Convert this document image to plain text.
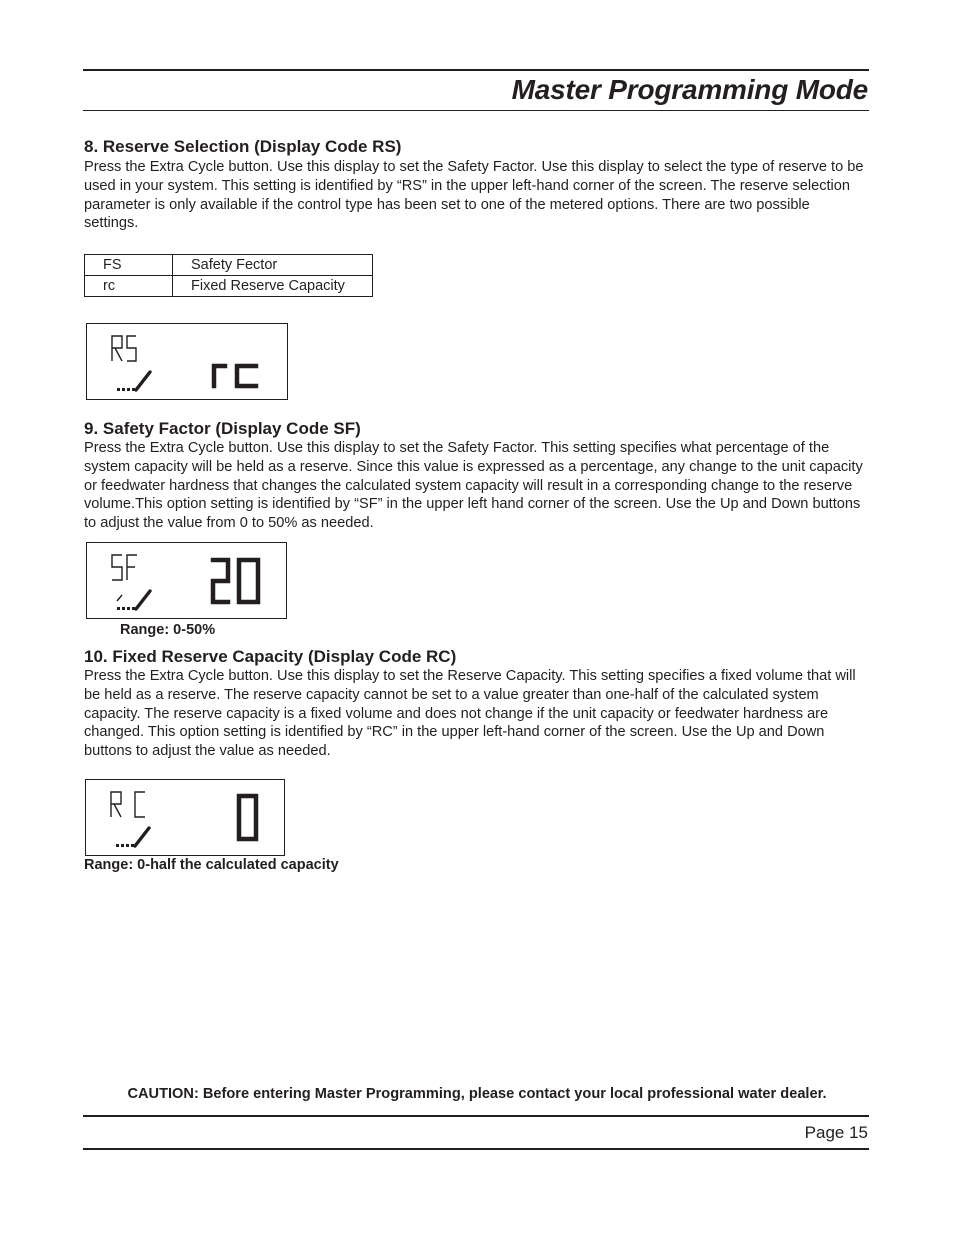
Master Programming Mode
8. Reserve Selection (Display Code RS)

Press the Extra Cycle button. Use this display to set the Safety Factor. Use this display to select the type of reserve to be used in your system. This setting is identified by “RS” in the upper left-hand corner of the screen. The reserve selection parameter is only available if the control type has been set to one of the metered options. There are two possible settings.

FS	Safety Fector
rc	Fixed Reserve Capacity
9. Safety Factor (Display Code SF)

Press the Extra Cycle button. Use this display to set the Safety Factor. This setting specifies what percentage of the system capacity will be held as a reserve. Since this value is expressed as a percentage, any change to the unit capacity or feedwater hardness that changes the calculated system capacity will result in a corresponding change to the reserve volume.This option setting is identified by “SF” in the upper left hand corner of the screen. Use the Up and Down buttons to adjust the value from 0 to 50% as needed.

Range: 0-50%
10. Fixed Reserve Capacity (Display Code RC)

Press the Extra Cycle button. Use this display to set the Reserve Capacity. This setting specifies a fixed volume that will be held as a reserve. The reserve capacity cannot be set to a value greater than one-half of the calculated system capacity. The reserve capacity is a fixed volume and does not change if the unit capacity or feedwater hardness are changed. This option setting is identified by “RC” in the upper left-hand corner of the screen. Use the Up and Down buttons to adjust the value as needed.

Range: 0-half the calculated capacity
CAUTION: Before entering Master Programming, please contact your local professional water dealer.
Page 15
